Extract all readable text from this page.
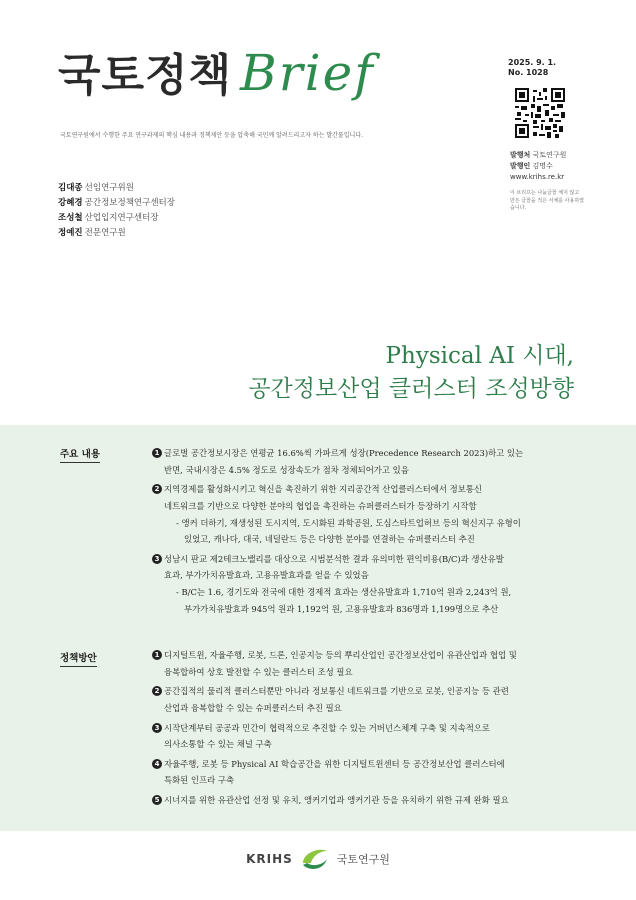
국토정책 Brief
국토연구원에서 수행한 주요 연구과제의 핵심 내용과 정책제안 등을 압축해 국민께 알려드리고자 하는 발간물입니다.
2025. 9. 1.
No. 1028
발행처 국토연구원
발행인 김명수
www.krihs.re.kr
이 브리프는 나눔글꼴 체지 않고 만든 글꼴을 적은 서체를 사용하였습니다.
김대종 선임연구위원
강혜경 공간정보정책연구센터장
조성철 산업입지연구센터장
정예진 전문연구원
Physical AI 시대,
공간정보산업 클러스터 조성방향
주요 내용	1 글로벌 공간정보시장은 연평균 16.6%씩 가파르게 성장(Precedence Research 2023)하고 있는
반면, 국내시장은 4.5% 정도로 성장속도가 점차 정체되어가고 있음
2 지역경제를 활성화시키고 혁신을 촉진하기 위한 지리공간적 산업클러스터에서 정보통신
네트워크를 기반으로 다양한 분야의 협업을 촉진하는 슈퍼클러스터가 등장하기 시작함
- 앵커 더하기, 재생성된 도시지역, 도시화된 과학공원, 도심스타트업허브 등의 혁신지구 유형이
있었고, 캐나다, 대국, 네덜란드 등은 다양한 분야를 연결하는 슈퍼클러스터 추진
3 성남시 판교 제2테크노밸리를 대상으로 시범분석한 결과 유의미한 편익비용(B/C)과 생산유발
효과, 부가가치유발효과, 고용유발효과를 얻을 수 있었음
- B/C는 1.6, 경기도와 전국에 대한 경제적 효과는 생산유발효과 1,710억 원과 2,243억 원,
부가가치유발효과 945억 원과 1,192억 원, 고용유발효과 836명과 1,199명으로 추산
정책방안	1 디지털트윈, 자율주행, 로봇, 드론, 인공지능 등의 뿌리산업인 공간정보산업이 유관산업과 협업 및
융복합하여 상호 발전할 수 있는 클러스터 조성 필요
2 공간집적의 물리적 클러스터뿐만 아니라 정보통신 네트워크를 기반으로 로봇, 인공지능 등 관련
산업과 융복합할 수 있는 슈퍼클러스터 추진 필요
3 시작단계부터 공공과 민간이 협력적으로 추진할 수 있는 거버넌스체계 구축 및 지속적으로
의사소통할 수 있는 채널 구축
4 자율주행, 로봇 등 Physical AI 학습공간을 위한 디지털트윈센터 등 공간정보산업 클러스터에
특화된 인프라 구축
5 시너지를 위한 유관산업 선정 및 유치, 앵커기업과 앵커기관 등을 유치하기 위한 규제 완화 필요
KRIHS	국토연구원
